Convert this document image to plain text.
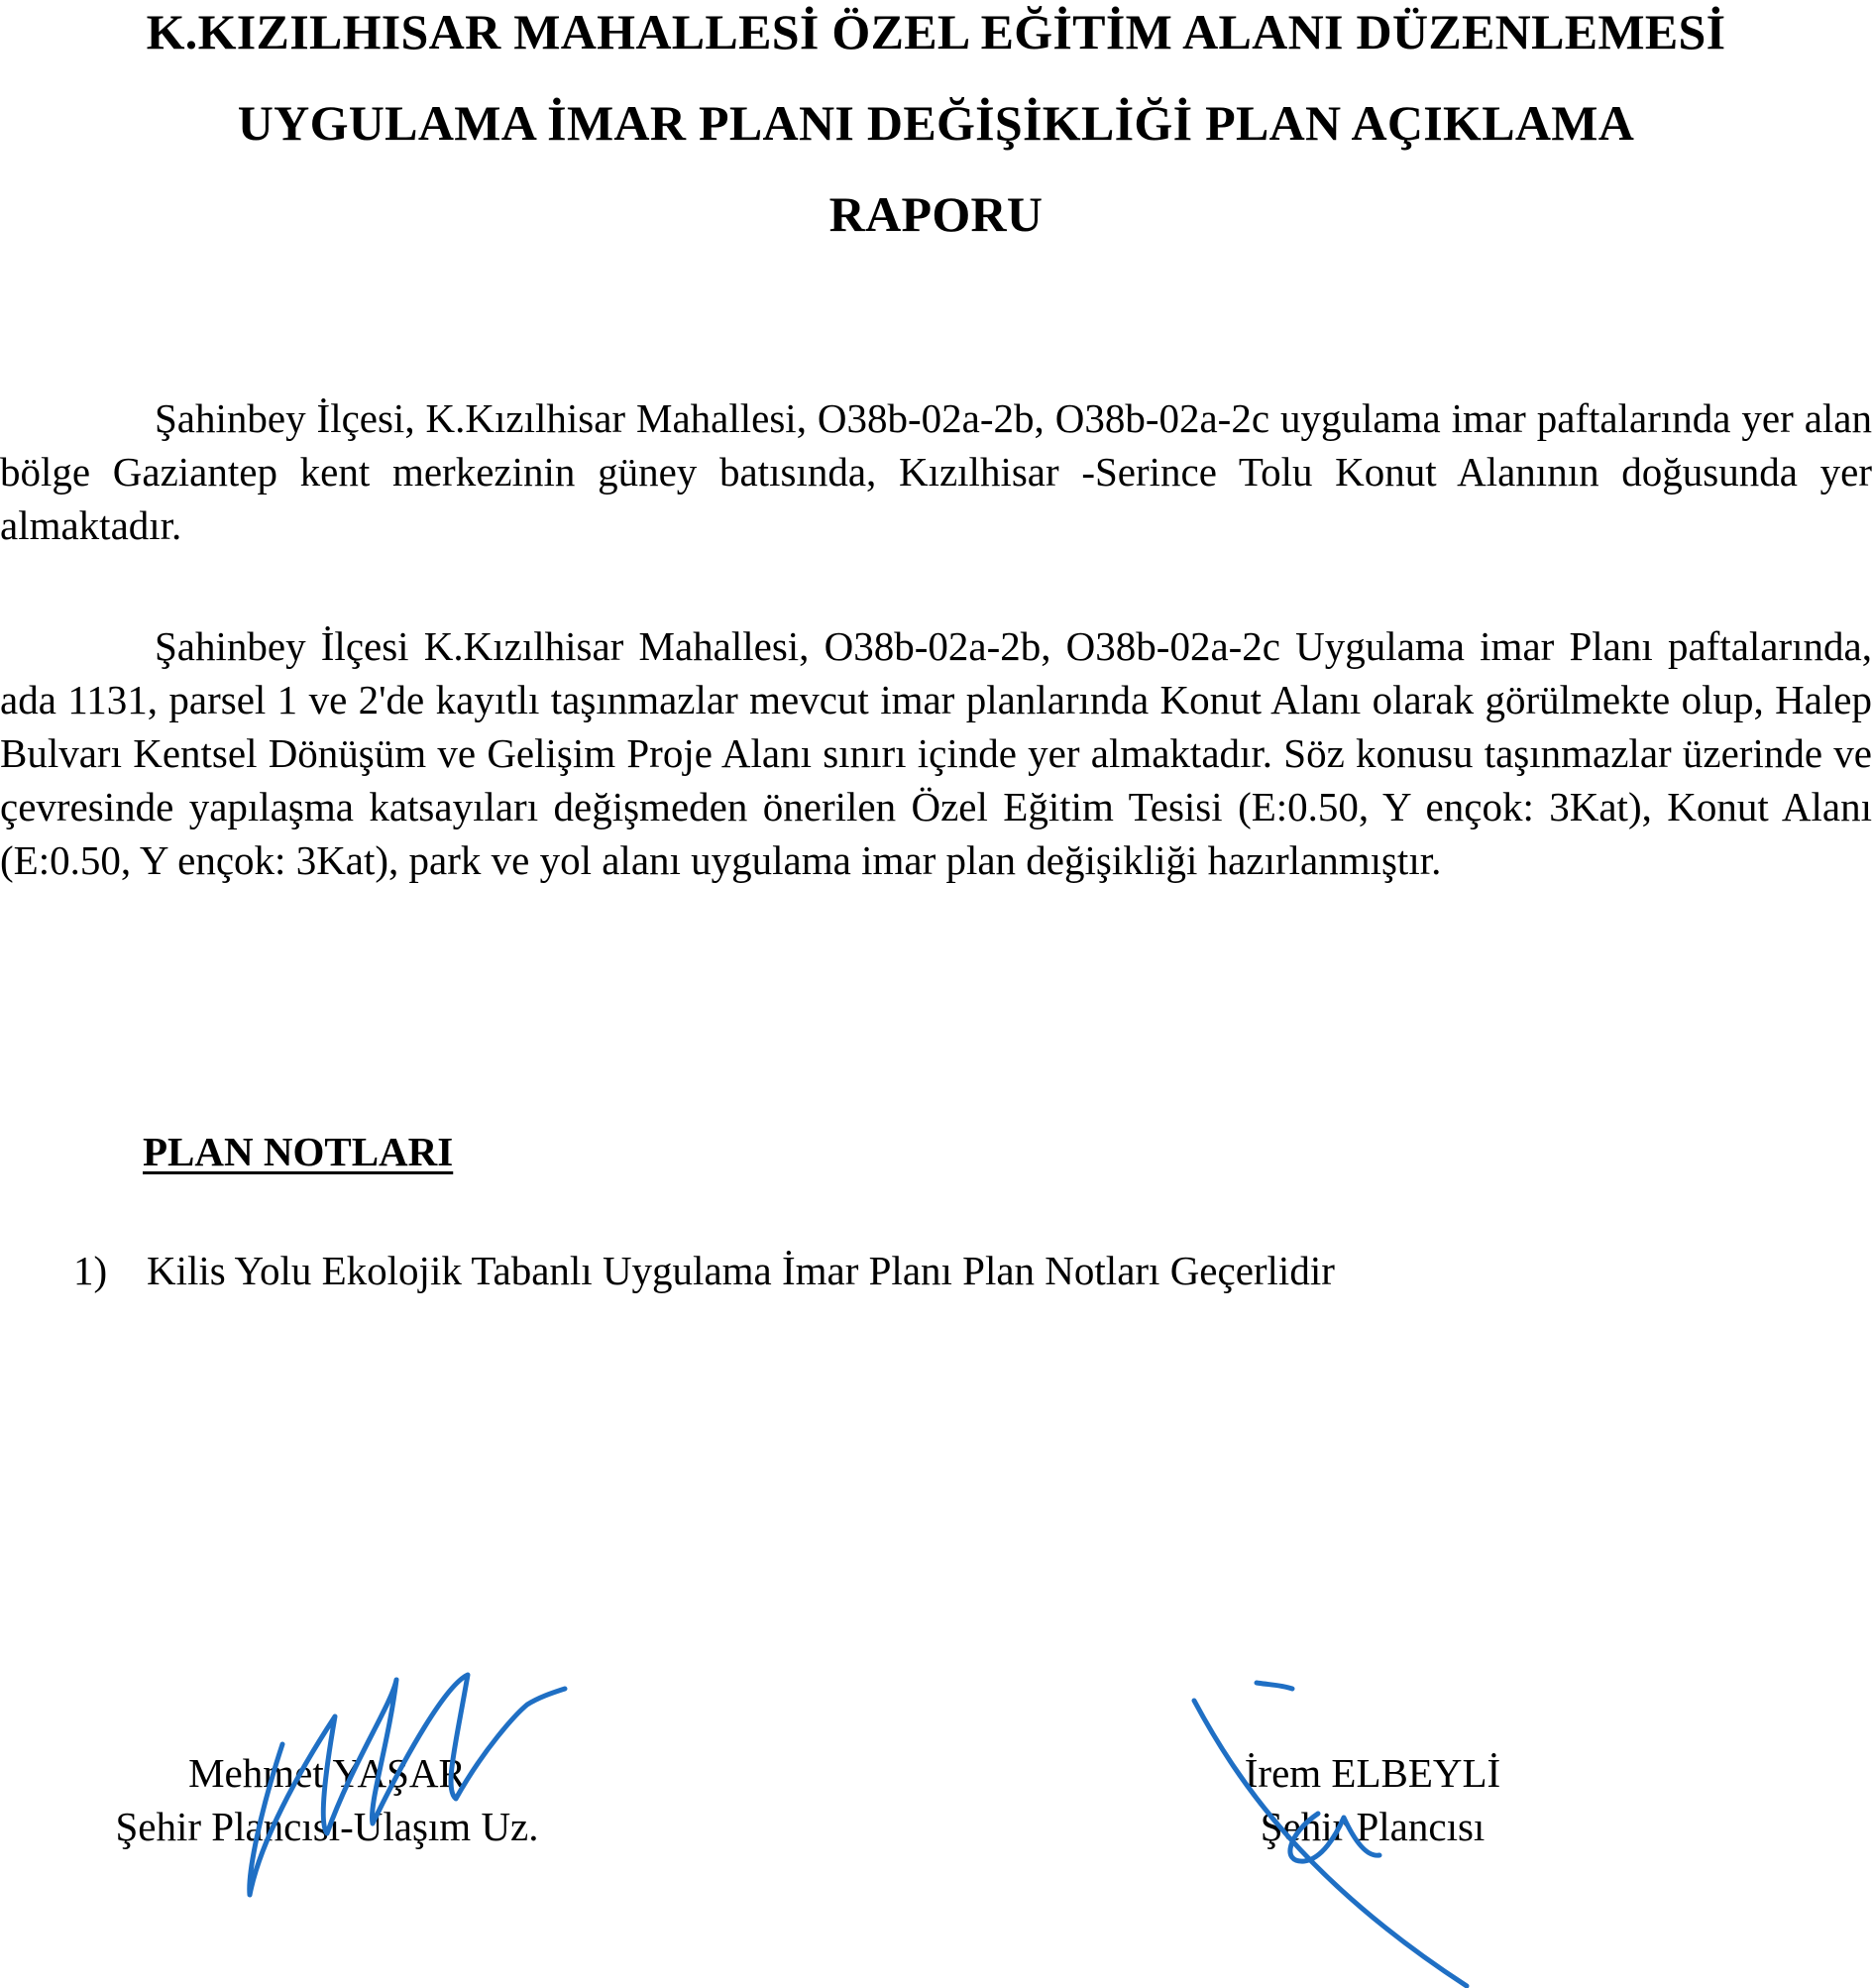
K.KIZILHISAR MAHALLESİ ÖZEL EĞİTİM ALANI DÜZENLEMESİ
UYGULAMA İMAR PLANI DEĞİŞİKLİĞİ PLAN AÇIKLAMA
RAPORU

Şahinbey İlçesi, K.Kızılhisar Mahallesi, O38b-02a-2b, O38b-02a-2c uygulama imar paftalarında yer alan bölge Gaziantep kent merkezinin güney batısında, Kızılhisar -Serince Tolu Konut Alanının doğusunda yer almaktadır.

Şahinbey İlçesi K.Kızılhisar Mahallesi, O38b-02a-2b, O38b-02a-2c Uygulama imar Planı paftalarında, ada 1131, parsel 1 ve 2'de kayıtlı taşınmazlar mevcut imar planlarında Konut Alanı olarak görülmekte olup, Halep Bulvarı Kentsel Dönüşüm ve Gelişim Proje Alanı sınırı içinde yer almaktadır. Söz konusu taşınmazlar üzerinde ve çevresinde yapılaşma katsayıları değişmeden önerilen Özel Eğitim Tesisi (E:0.50, Y ençok: 3Kat), Konut Alanı (E:0.50, Y ençok: 3Kat), park ve yol alanı uygulama imar plan değişikliği hazırlanmıştır.

PLAN NOTLARI
1) Kilis Yolu Ekolojik Tabanlı Uygulama İmar Planı Plan Notları Geçerlidir
Mehmet YAŞAR
Şehir Plancısı-Ulaşım Uz.
İrem ELBEYLİ
Şehir Plancısı
